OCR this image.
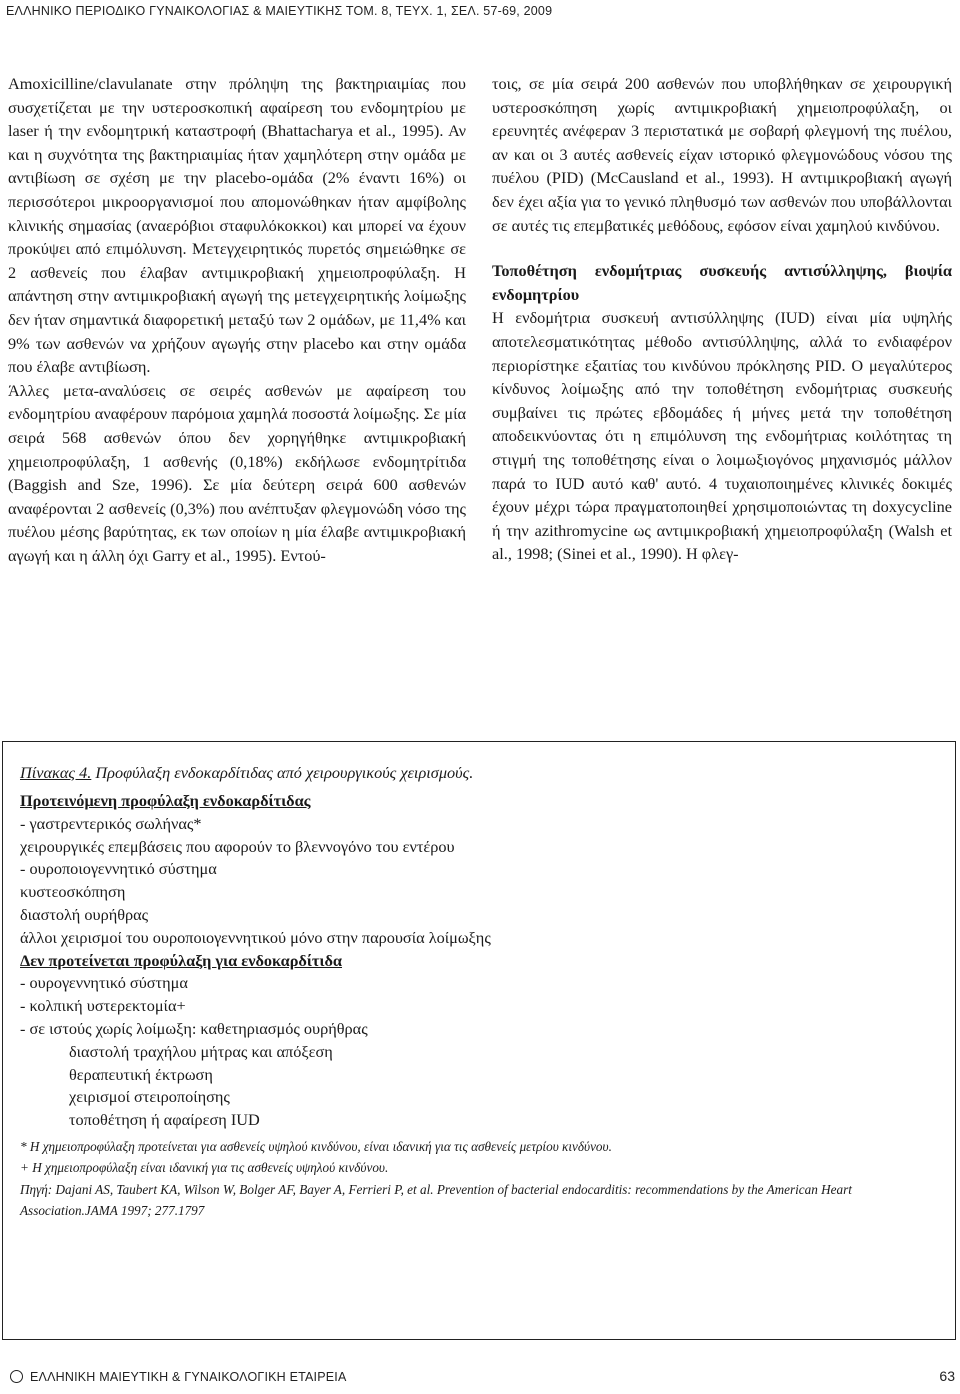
ΕΛΛΗΝΙΚΟ ΠΕΡΙΟΔΙΚΟ ΓΥΝΑΙΚΟΛΟΓΙΑΣ & ΜΑΙΕΥΤΙΚΗΣ ΤΟΜ. 8, ΤΕΥΧ. 1, ΣΕΛ. 57-69, 2009

Amoxicilline/clavulanate στην πρόληψη της βακτηριαιμίας που συσχετίζεται με την υστεροσκοπική αφαίρεση του ενδομητρίου με laser ή την ενδομητρική καταστροφή (Bhattacharya et al., 1995). Αν και η συχνότητα της βακτηριαιμίας ήταν χαμηλότερη στην ομάδα με αντιβίωση σε σχέση με την placebo-ομάδα (2% έναντι 16%) οι περισσότεροι μικροοργανισμοί που απομονώθηκαν ήταν αμφίβολης κλινικής σημασίας (αναερόβιοι σταφυλόκοκκοι) και μπορεί να έχουν προκύψει από επιμόλυνση. Μετεγχειρητικός πυρετός σημειώθηκε σε 2 ασθενείς που έλαβαν αντιμικροβιακή χημειοπροφύλαξη. Η απάντηση στην αντιμικροβιακή αγωγή της μετεγχειρητικής λοίμωξης δεν ήταν σημαντικά διαφορετική μεταξύ των 2 ομάδων, με 11,4% και 9% των ασθενών να χρήζουν αγωγής στην placebo και στην ομάδα που έλαβε αντιβίωση.

Άλλες μετα-αναλύσεις σε σειρές ασθενών με αφαίρεση του ενδομητρίου αναφέρουν παρόμοια χαμηλά ποσοστά λοίμωξης. Σε μία σειρά 568 ασθενών όπου δεν χορηγήθηκε αντιμικροβιακή χημειοπροφύλαξη, 1 ασθενής (0,18%) εκδήλωσε ενδομητρίτιδα (Baggish and Sze, 1996). Σε μία δεύτερη σειρά 600 ασθενών αναφέρονται 2 ασθενείς (0,3%) που ανέπτυξαν φλεγμονώδη νόσο της πυέλου μέσης βαρύτητας, εκ των οποίων η μία έλαβε αντιμικροβιακή αγωγή και η άλλη όχι Garry et al., 1995). Εντού-

τοις, σε μία σειρά 200 ασθενών που υποβλήθηκαν σε χειρουργική υστεροσκόπηση χωρίς αντιμικροβιακή χημειοπροφύλαξη, οι ερευνητές ανέφεραν 3 περιστατικά με σοβαρή φλεγμονή της πυέλου, αν και οι 3 αυτές ασθενείς είχαν ιστορικό φλεγμονώδους νόσου της πυέλου (PID) (McCausland et al., 1993). Η αντιμικροβιακή αγωγή δεν έχει αξία για το γενικό πληθυσμό των ασθενών που υποβάλλονται σε αυτές τις επεμβατικές μεθόδους, εφόσον είναι χαμηλού κινδύνου.

Τοποθέτηση ενδομήτριας συσκευής αντισύλληψης, βιοψία ενδομητρίου

Η ενδομήτρια συσκευή αντισύλληψης (IUD) είναι μία υψηλής αποτελεσματικότητας μέθοδο αντισύλληψης, αλλά το ενδιαφέρον περιορίστηκε εξαιτίας του κινδύνου πρόκλησης PID. Ο μεγαλύτερος κίνδυνος λοίμωξης από την τοποθέτηση ενδομήτριας συσκευής συμβαίνει τις πρώτες εβδομάδες ή μήνες μετά την τοποθέτηση αποδεικνύοντας ότι η επιμόλυνση της ενδομήτριας κοιλότητας τη στιγμή της τοποθέτησης είναι ο λοιμωξιογόνος μηχανισμός μάλλον παρά το IUD αυτό καθ' αυτό. 4 τυχαιοποιημένες κλινικές δοκιμές έχουν μέχρι τώρα πραγματοποιηθεί χρησιμοποιώντας τη doxycycline ή την azithromycine ως αντιμικροβιακή χημειοπροφύλαξη (Walsh et al., 1998; (Sinei et al., 1990). Η φλεγ-

Πίνακας 4. Προφύλαξη ενδοκαρδίτιδας από χειρουργικούς χειρισμούς.

Προτεινόμενη προφύλαξη ενδοκαρδίτιδας

- γαστρεντερικός σωλήνας*

χειρουργικές επεμβάσεις που αφορούν το βλεννογόνο του εντέρου

- ουροποιογεννητικό σύστημα

κυστεοσκόπηση

διαστολή ουρήθρας

άλλοι χειρισμοί του ουροποιογεννητικού μόνο στην παρουσία λοίμωξης

Δεν προτείνεται προφύλαξη για ενδοκαρδίτιδα

- ουρογεννητικό σύστημα

- κολπική υστερεκτομία+

- σε ιστούς χωρίς λοίμωξη: καθετηριασμός ουρήθρας

διαστολή τραχήλου μήτρας και απόξεση

θεραπευτική έκτρωση

χειρισμοί στειροποίησης

τοποθέτηση ή αφαίρεση IUD

* Η χημειοπροφύλαξη προτείνεται για ασθενείς υψηλού κινδύνου, είναι ιδανική για τις ασθενείς μετρίου κινδύνου.

+ Η χημειοπροφύλαξη είναι ιδανική για τις ασθενείς υψηλού κινδύνου.

Πηγή: Dajani AS, Taubert KA, Wilson W, Bolger AF, Bayer A, Ferrieri P, et al. Prevention of bacterial endocarditis: recommendations by the American Heart Association.JAMA 1997; 277.1797

ΕΛΛΗΝΙΚΗ ΜΑΙΕΥΤΙΚΗ & ΓΥΝΑΙΚΟΛΟΓΙΚΗ ΕΤΑΙΡΕΙΑ	63
